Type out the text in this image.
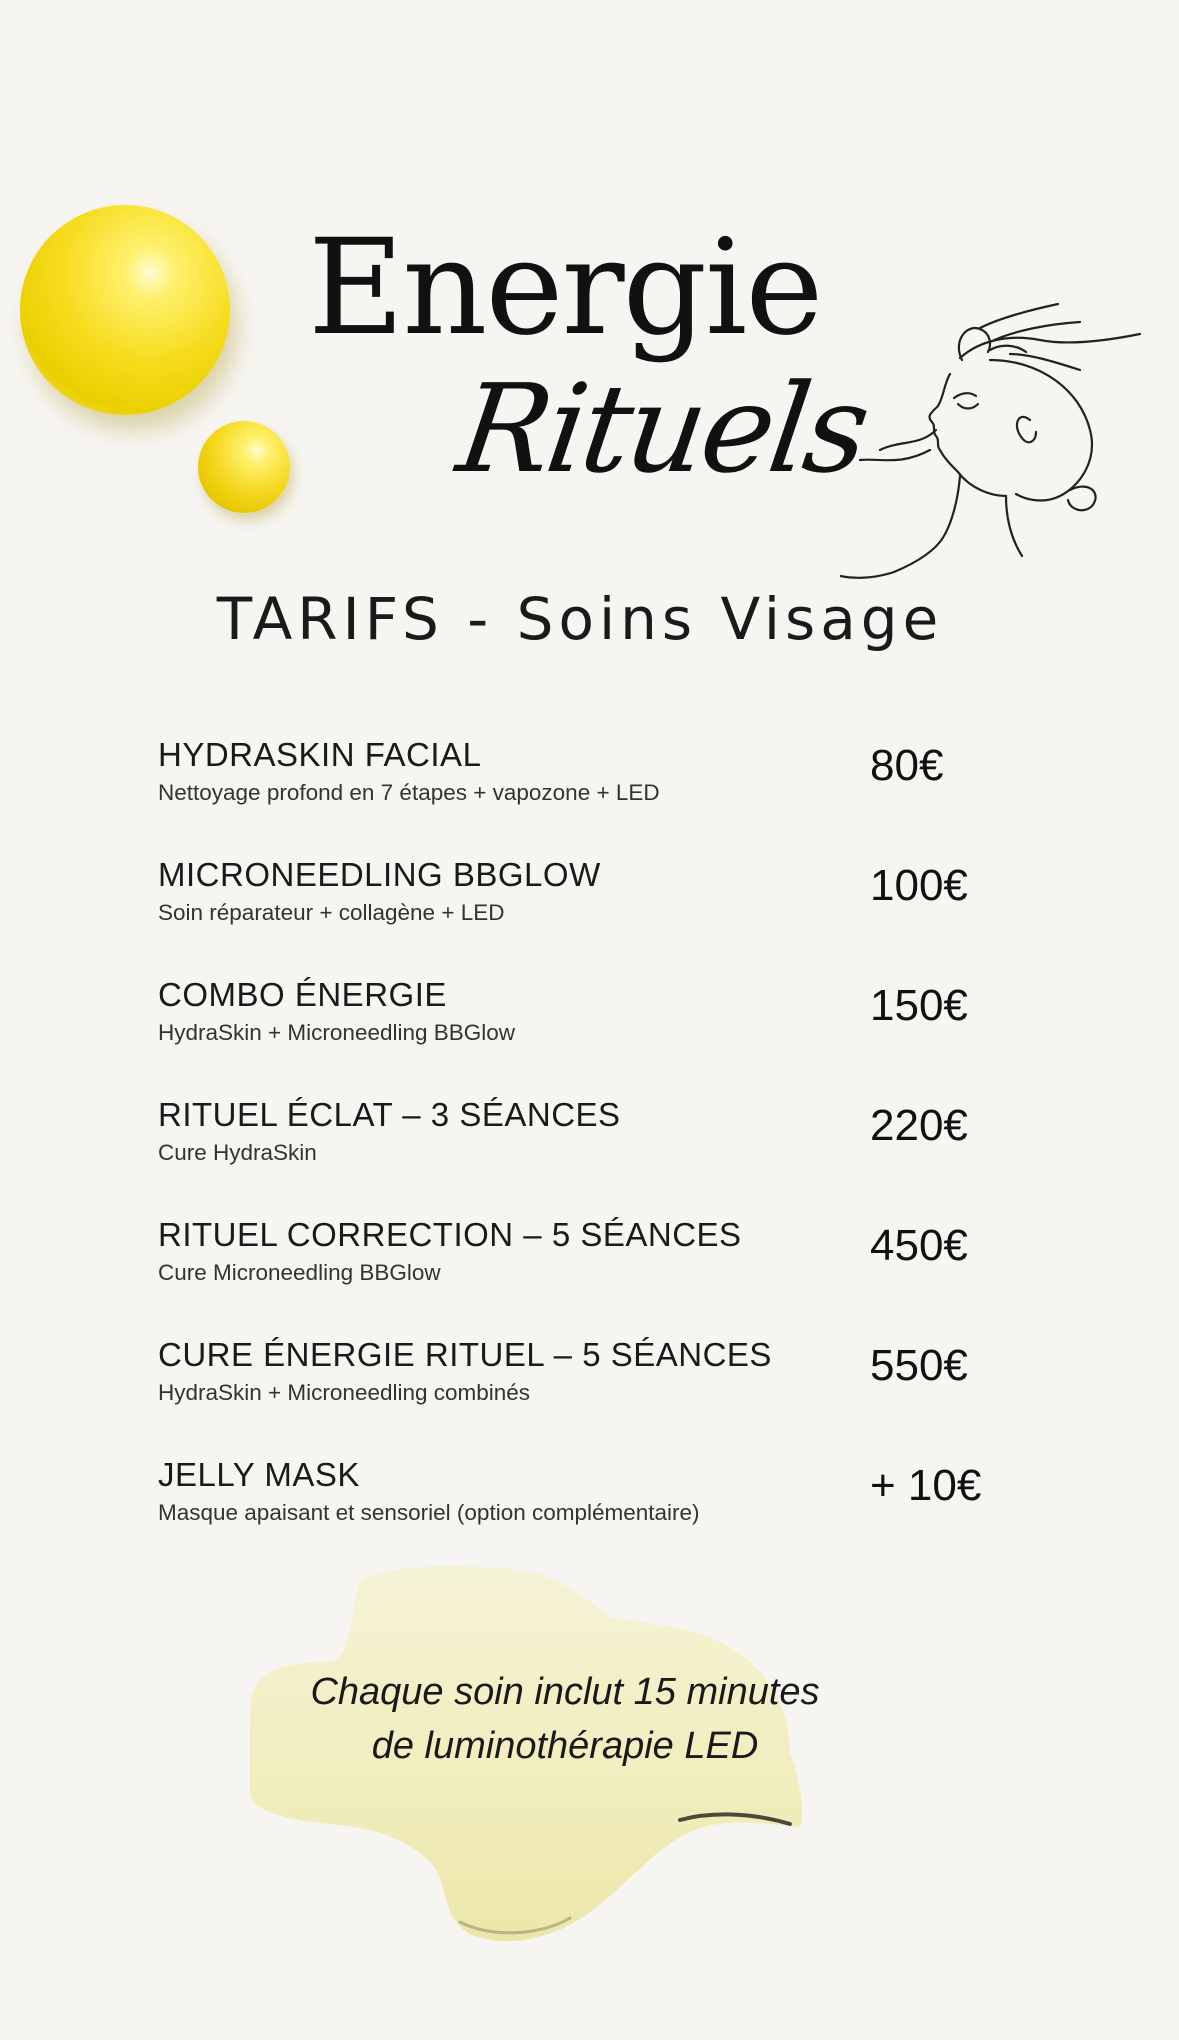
Energie
Rituels
TARIFS - Soins Visage
HYDRASKIN FACIAL
Nettoyage profond en 7 étapes + vapozone + LED
80€
MICRONEEDLING BBGLOW
Soin réparateur + collagène + LED
100€
COMBO ÉNERGIE
HydraSkin + Microneedling BBGlow
150€
RITUEL ÉCLAT – 3 SÉANCES
Cure HydraSkin
220€
RITUEL CORRECTION – 5 SÉANCES
Cure Microneedling BBGlow
450€
CURE ÉNERGIE RITUEL – 5 SÉANCES
HydraSkin + Microneedling combinés
550€
JELLY MASK
Masque apaisant et sensoriel (option complémentaire)
+ 10€
Chaque soin inclut 15 minutes
de luminothérapie LED
